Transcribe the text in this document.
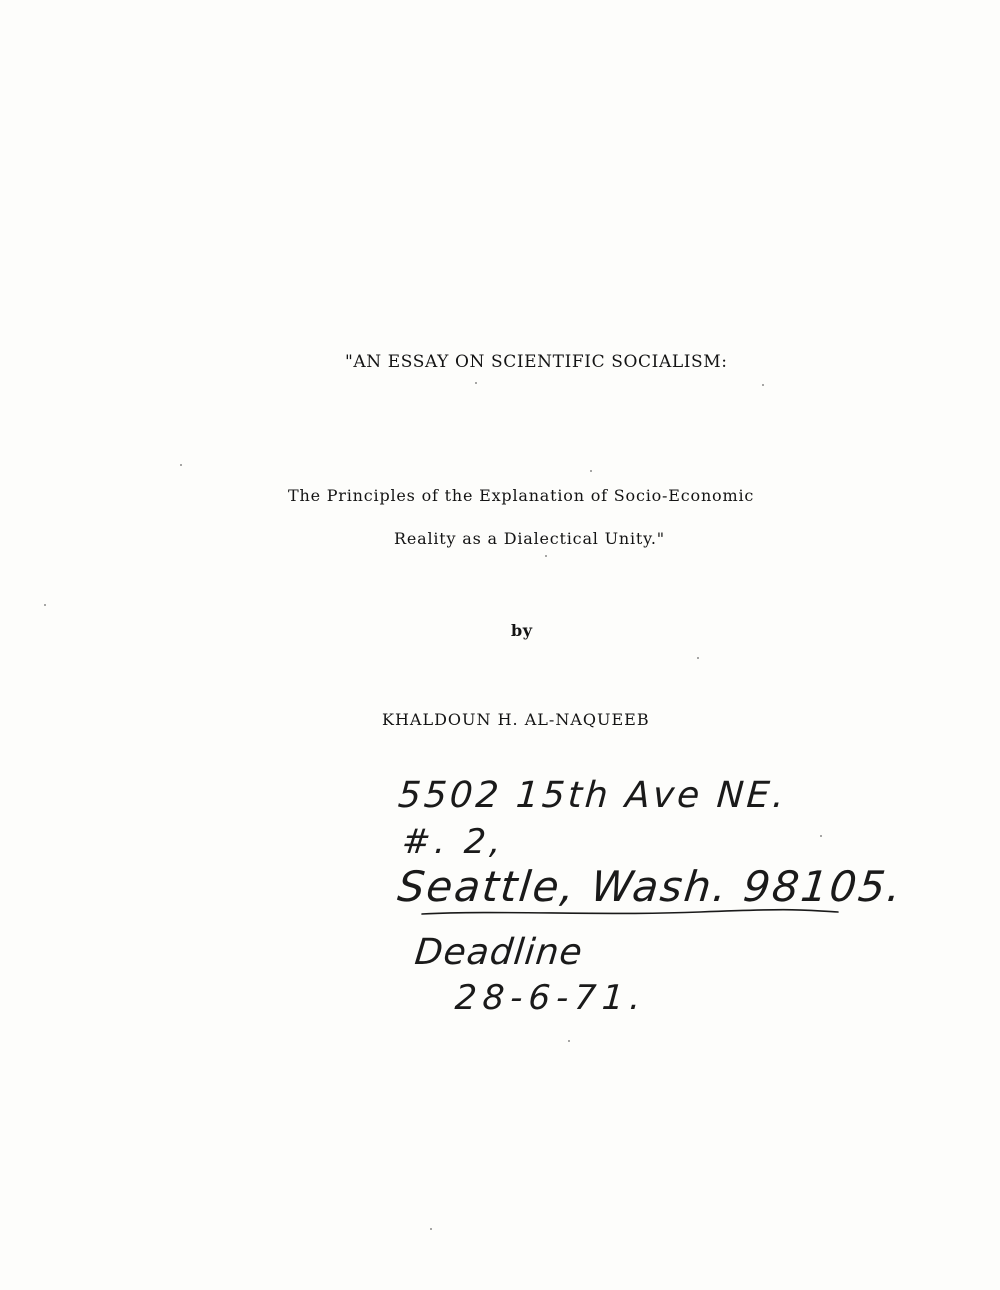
"AN ESSAY ON SCIENTIFIC SOCIALISM:
The Principles of the Explanation of Socio-Economic
Reality as a Dialectical Unity."
by
KHALDOUN H. AL-NAQUEEB
5502 15th Ave NE.
#. 2,
Seattle, Wash. 98105.
Deadline
28-6-71.
